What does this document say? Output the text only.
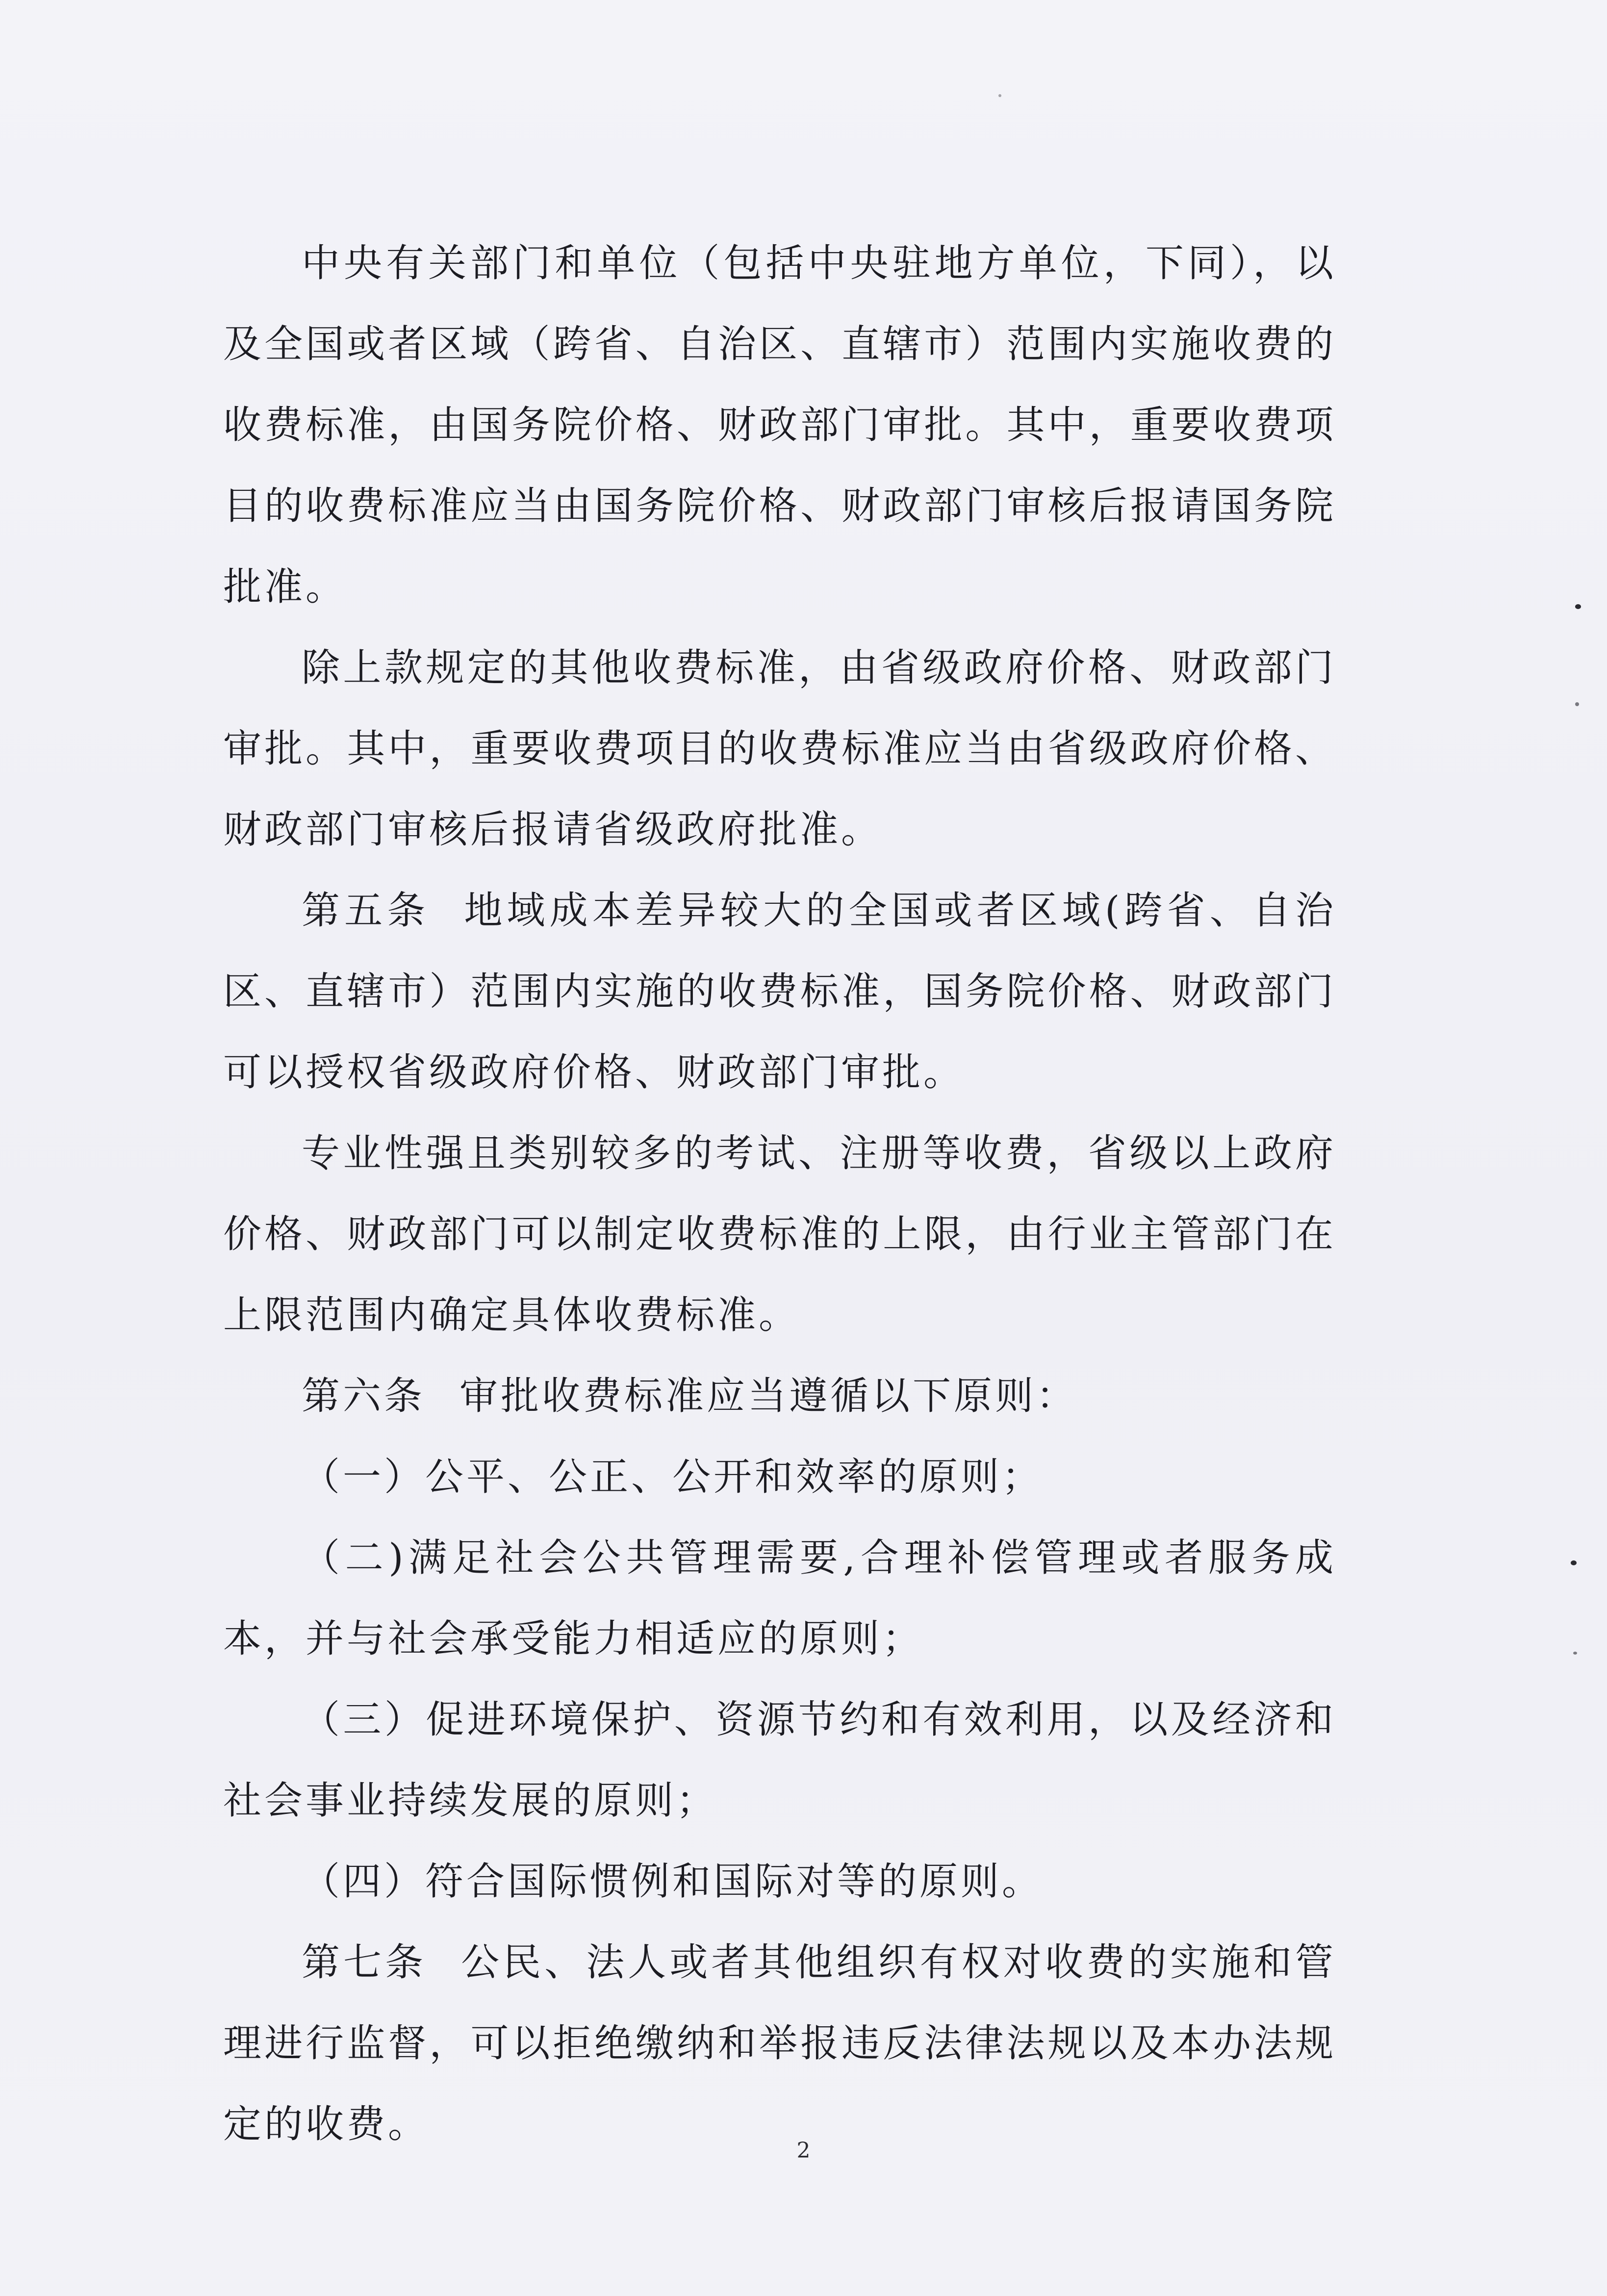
中央有关部门和单位（包括中央驻地方单位，下同），以及全国或者区域（跨省、自治区、直辖市）范围内实施收费的收费标准，由国务院价格、财政部门审批。其中，重要收费项目的收费标准应当由国务院价格、财政部门审核后报请国务院批准。

除上款规定的其他收费标准，由省级政府价格、财政部门审批。其中，重要收费项目的收费标准应当由省级政府价格、财政部门审核后报请省级政府批准。

第五条 地域成本差异较大的全国或者区域(跨省、自治区、直辖市）范围内实施的收费标准，国务院价格、财政部门可以授权省级政府价格、财政部门审批。

专业性强且类别较多的考试、注册等收费，省级以上政府价格、财政部门可以制定收费标准的上限，由行业主管部门在上限范围内确定具体收费标准。

第六条 审批收费标准应当遵循以下原则：

（一）公平、公正、公开和效率的原则；

（二)满足社会公共管理需要,合理补偿管理或者服务成本，并与社会承受能力相适应的原则；

（三）促进环境保护、资源节约和有效利用，以及经济和社会事业持续发展的原则；

（四）符合国际惯例和国际对等的原则。

第七条 公民、法人或者其他组织有权对收费的实施和管理进行监督，可以拒绝缴纳和举报违反法律法规以及本办法规定的收费。

2
